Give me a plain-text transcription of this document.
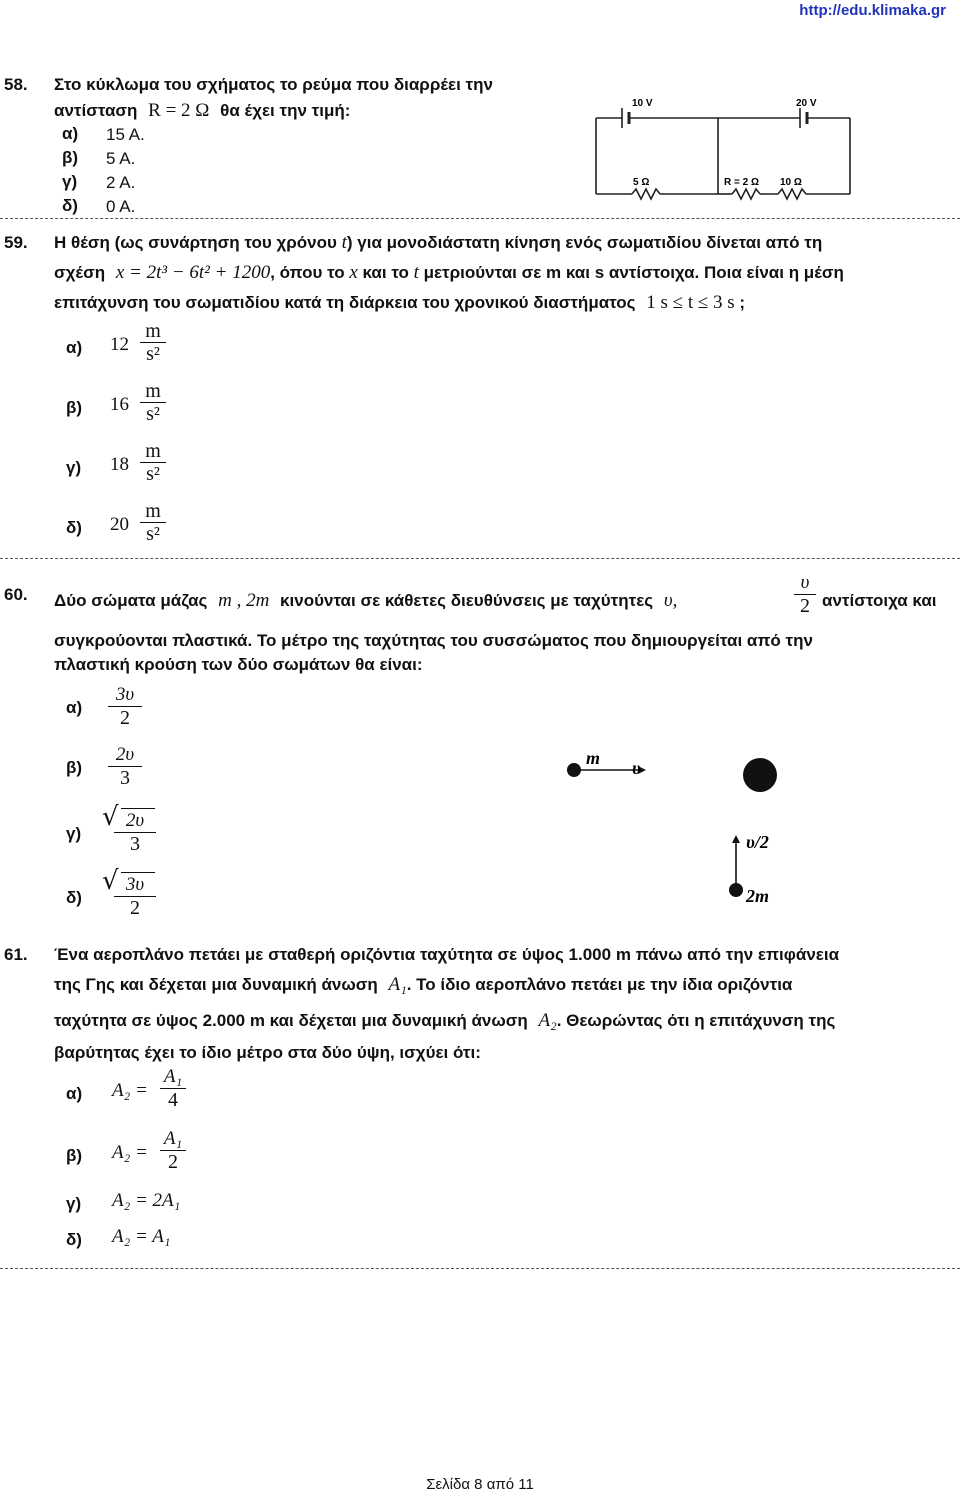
http://edu.klimaka.gr
58. Στο κύκλωμα του σχήματος το ρεύμα που διαρρέει την
αντίσταση R = 2 Ω θα έχει την τιμή:
α) 15 A.
β) 5 A.
γ) 2 A.
δ) 0 A.
10 V	20 V
5 Ω	R = 2 Ω 10 Ω
59. Η θέση (ως συνάρτηση του χρόνου t) για μονοδιάστατη κίνηση ενός σωματιδίου δίνεται από τη
σχέση x = 2t³ − 6t² + 1200, όπου το x και το t μετριούνται σε m και s αντίστοιχα. Ποια είναι η μέση
επιτάχυνση του σωματιδίου κατά τη διάρκεια του χρονικού διαστήματος 1 s ≤ t ≤ 3 s ;
α) 12
m
s²
β) 16
m
s²
γ) 18
m
s²
δ) 20
m
s²
60. Δύο σώματα μάζας m , 2m κινούνται σε κάθετες διευθύνσεις με ταχύτητες υ,
υ
2 αντίστοιχα και
συγκρούονται πλαστικά. Το μέτρο της ταχύτητας του συσσώματος που δημιουργείται από την
πλαστική κρούση των δύο σωμάτων θα είναι:
α)
3υ
2
β)
2υ
3
γ)
√ 2υ
3
δ)
√ 3υ
2
m υ
υ/2
2m
61. Ένα αεροπλάνο πετάει με σταθερή οριζόντια ταχύτητα σε ύψος 1.000 m πάνω από την επιφάνεια
της Γης και δέχεται μια δυναμική άνωση A₁. Το ίδιο αεροπλάνο πετάει με την ίδια οριζόντια
ταχύτητα σε ύψος 2.000 m και δέχεται μια δυναμική άνωση A₂. Θεωρώντας ότι η επιτάχυνση της
βαρύτητας έχει το ίδιο μέτρο στα δύο ύψη, ισχύει ότι:
α) A₂ =
A₁
4
β) A₂ =
A₁
2
γ) A₂ = 2A₁
δ) A₂ = A₁
Σελίδα 8 από 11
